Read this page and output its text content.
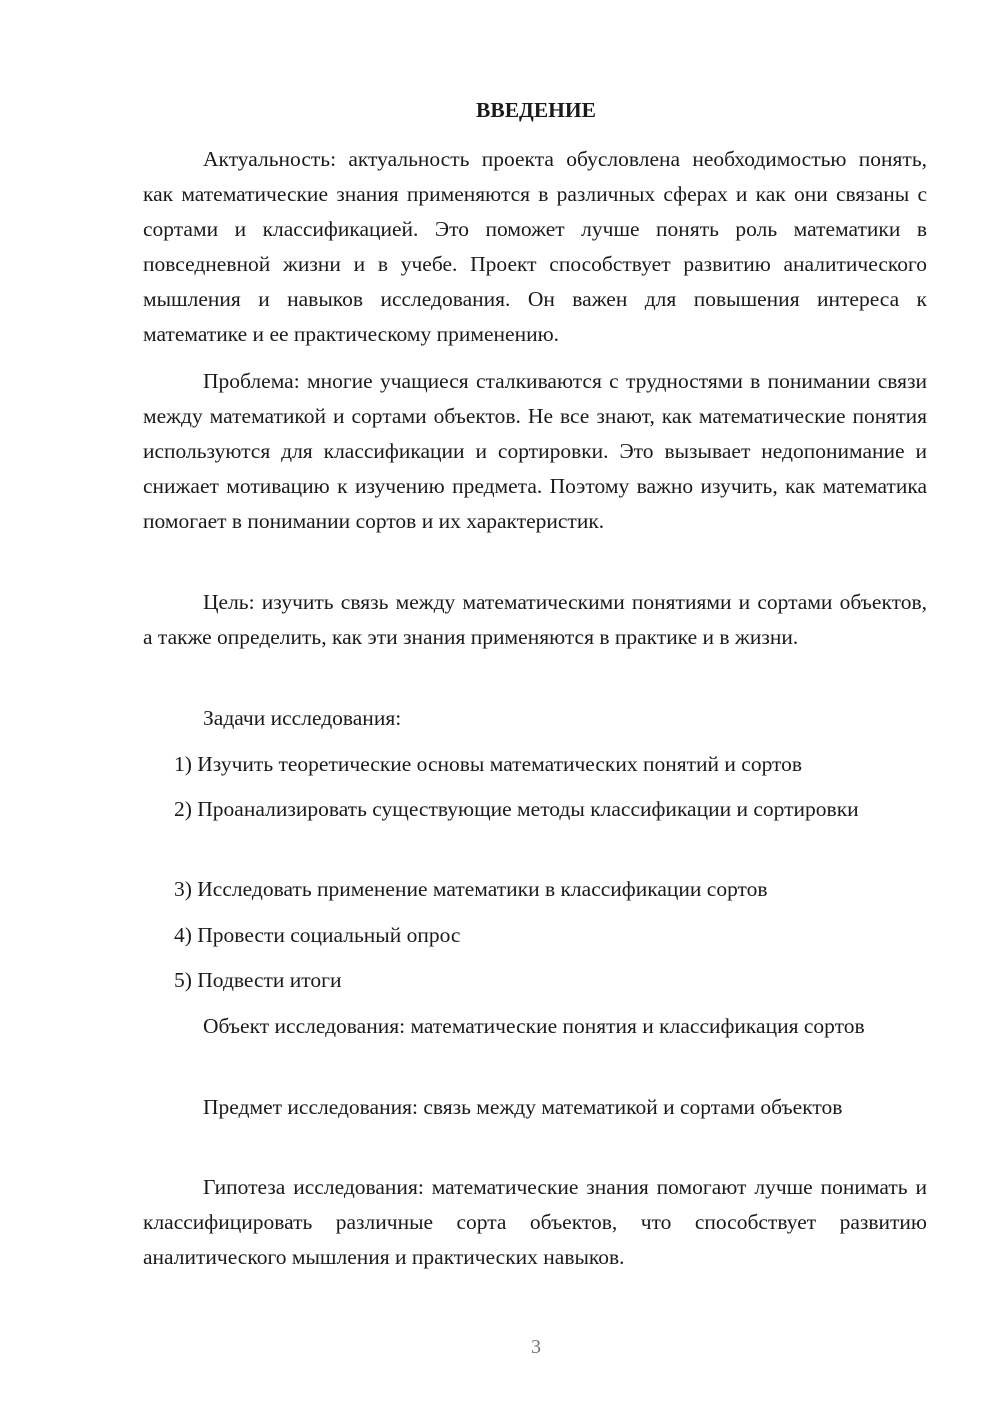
ВВЕДЕНИЕ

Актуальность: актуальность проекта обусловлена необходимостью понять, как математические знания применяются в различных сферах и как они связаны с сортами и классификацией. Это поможет лучше понять роль математики в повседневной жизни и в учебе. Проект способствует развитию аналитического мышления и навыков исследования. Он важен для повышения интереса к математике и ее практическому применению.

Проблема: многие учащиеся сталкиваются с трудностями в понимании связи между математикой и сортами объектов. Не все знают, как математические понятия используются для классификации и сортировки. Это вызывает недопонимание и снижает мотивацию к изучению предмета. Поэтому важно изучить, как математика помогает в понимании сортов и их характеристик.

Цель: изучить связь между математическими понятиями и сортами объектов, а также определить, как эти знания применяются в практике и в жизни.

Задачи исследования:

1) Изучить теоретические основы математических понятий и сортов

2) Проанализировать существующие методы классификации и сортировки

3) Исследовать применение математики в классификации сортов

4) Провести социальный опрос

5) Подвести итоги

Объект исследования: математические понятия и классификация сортов

Предмет исследования: связь между математикой и сортами объектов

Гипотеза исследования: математические знания помогают лучше понимать и классифицировать различные сорта объектов, что способствует развитию аналитического мышления и практических навыков.

3
